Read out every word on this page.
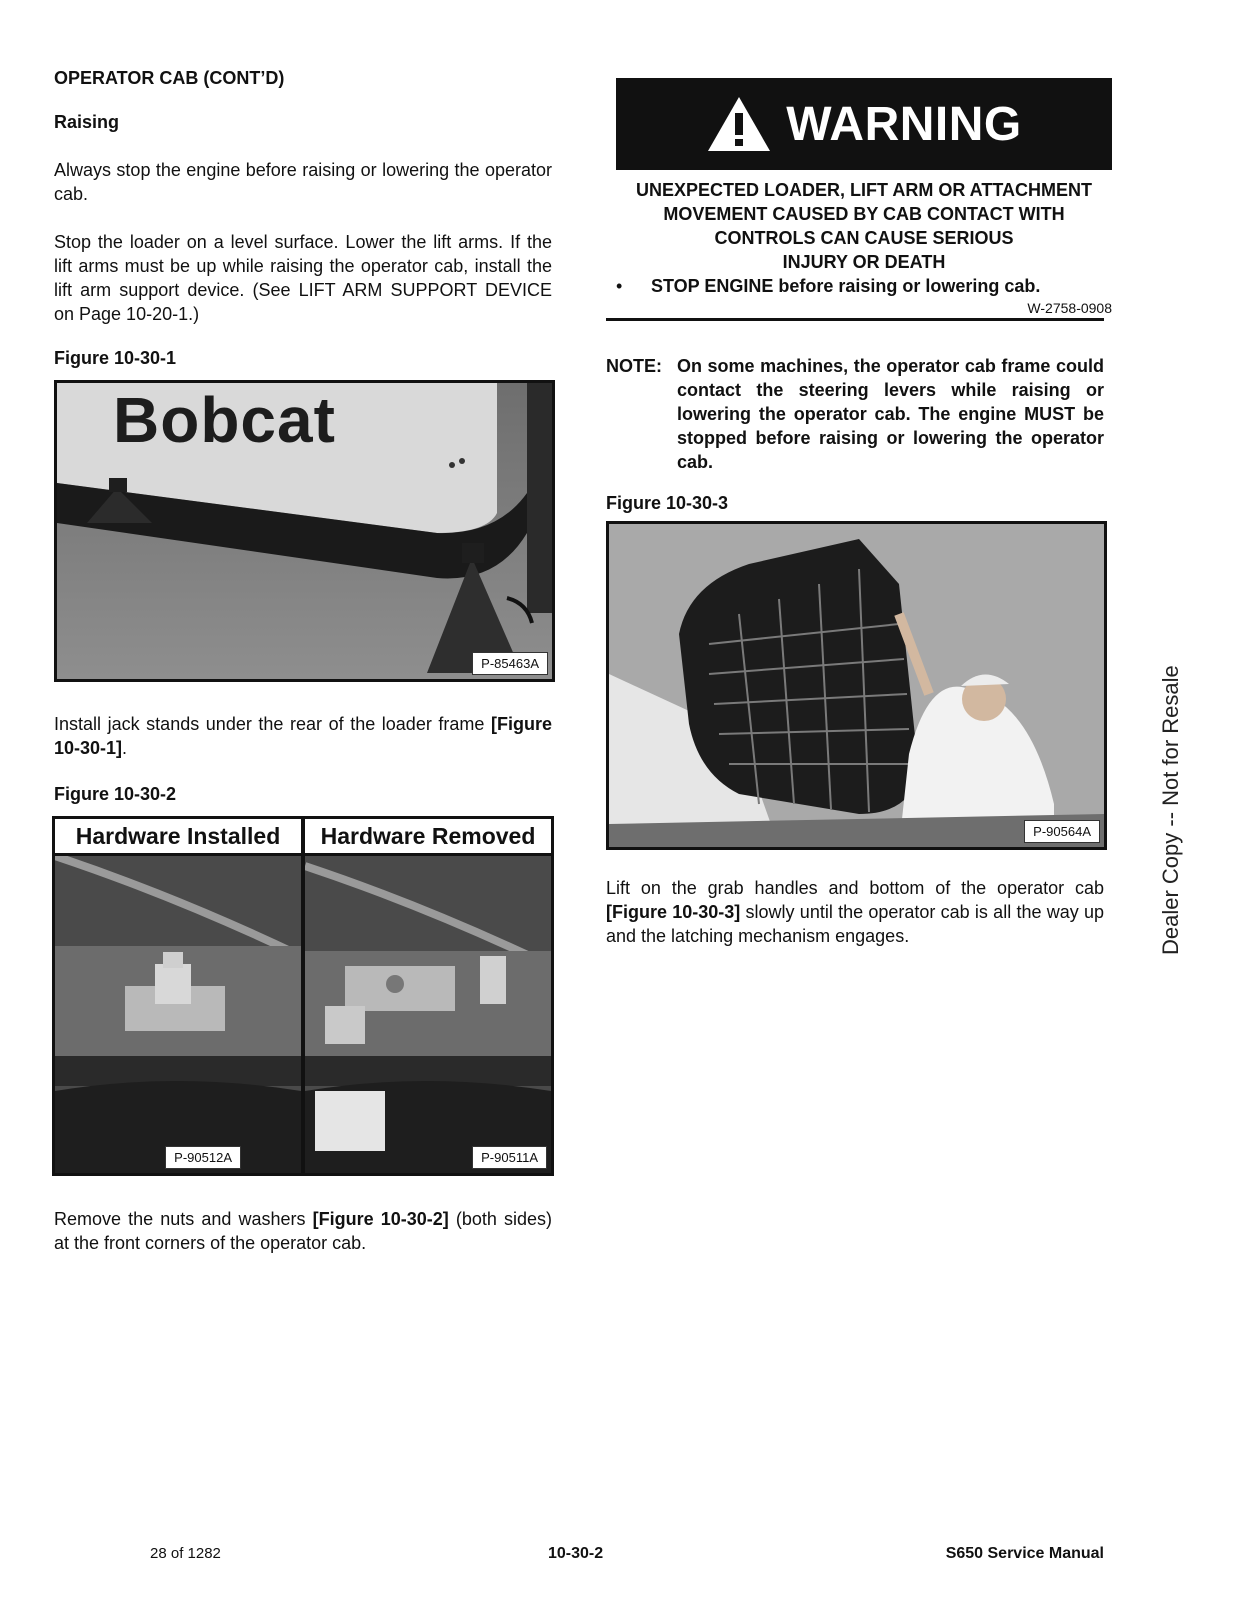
OPERATOR CAB (CONT’D)
Raising
Always stop the engine before raising or lowering the operator cab.
Stop the loader on a level surface. Lower the lift arms. If the lift arms must be up while raising the operator cab, install the lift arm support device. (See LIFT ARM SUPPORT DEVICE on Page 10-20-1.)
Figure 10-30-1
Bobcat
P-85463A
Install jack stands under the rear of the loader frame [Figure 10-30-1].
Figure 10-30-2
Hardware Installed	Hardware Removed
P-90512A	P-90511A
Remove the nuts and washers [Figure 10-30-2] (both sides) at the front corners of the operator cab.
WARNING
UNEXPECTED LOADER, LIFT ARM OR ATTACHMENT
MOVEMENT CAUSED BY CAB CONTACT WITH
CONTROLS CAN CAUSE SERIOUS
INJURY OR DEATH
• STOP ENGINE before raising or lowering cab.
W-2758-0908
NOTE: On some machines, the operator cab frame could contact the steering levers while raising or lowering the operator cab. The engine MUST be stopped before raising or lowering the operator cab.
Figure 10-30-3
P-90564A
Lift on the grab handles and bottom of the operator cab [Figure 10-30-3] slowly until the operator cab is all the way up and the latching mechanism engages.	Dealer Copy -- Not for Resale
28 of 1282	10-30-2	S650 Service Manual
